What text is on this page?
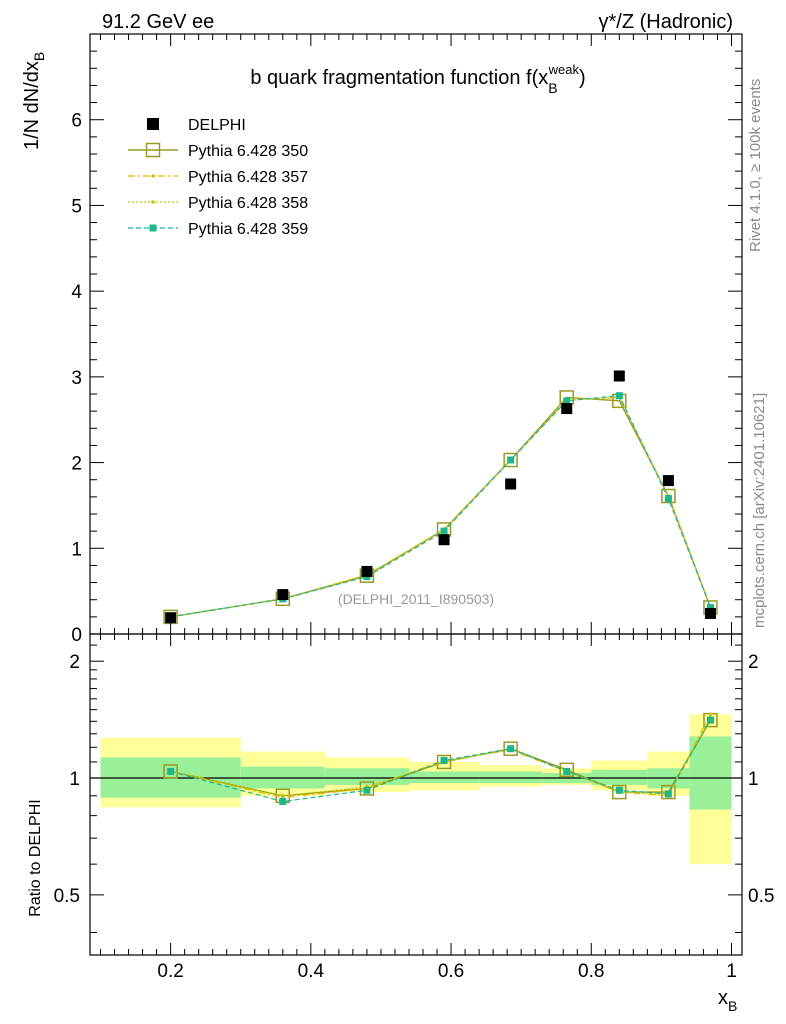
91.2 GeV ee	γ*/Z (Hadronic)
b quark fragmentation function $f(x_Bweak)$
1/N $dN/dx_B$
Ratio to DELPHI
$x_B$
Rivet 4.1.0, ≥ 100k events
mcplots.cern.ch [arXiv:2401.10621]
(DELPHI_2011_I890503)
DELPHI
Pythia 6.428 350
Pythia 6.428 357
Pythia 6.428 358
Pythia 6.428 359
0.2	0.4	0.6	0.8	1
0
1
2
3
4
5
6
0.5	0.5
1	1
2	2
